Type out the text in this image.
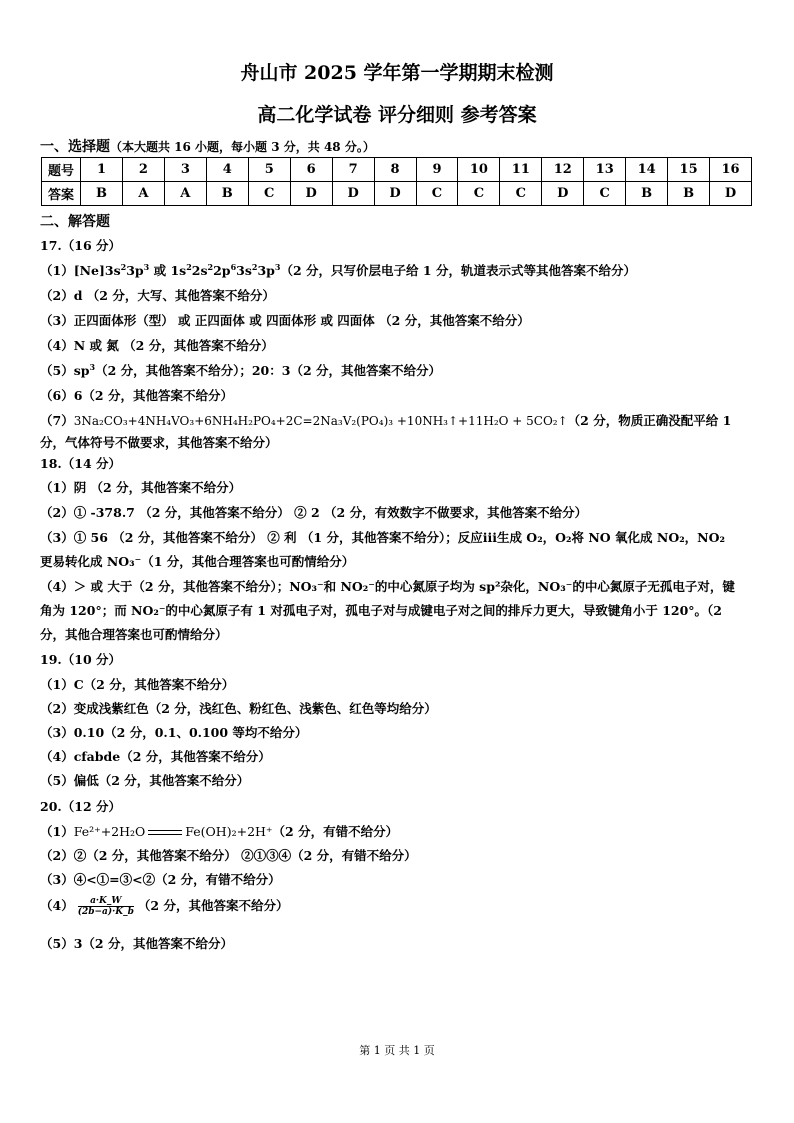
舟山市 2025 学年第一学期期末检测
高二化学试卷 评分细则 参考答案
一、选择题（本大题共 16 小题，每小题 3 分，共 48 分。）
题号	1	2	3	4	5	6	7	8	9	10	11	12	13	14	15	16
答案	B	A	A	B	C	D	D	D	C	C	C	D	C	B	B	D
二、解答题
17.（16 分）
$(1)[Ne]3s^23p^3$ 或 $1s^22s^22p^63s^23p^3(2$ 分，只写价层电子给 1 分，轨道表示式等其他答案不给分）
（2）d （2 分，大写、其他答案不给分）
（3）正四面体形（型） 或 正四面体 或 四面体形 或 四面体 （2 分，其他答案不给分）
（4）N 或 氮 （2 分，其他答案不给分）
$(5)sp^3(2$ 分，其他答案不给分）；20：3（2 分，其他答案不给分）
（6）6（2 分，其他答案不给分）
（7）3Na₂CO₃+4NH₄VO₃+6NH₄H₂PO₄+2C=2Na₃V₂(PO₄)₃ +10NH₃↑+11H₂O + 5CO₂↑（2 分，物质正确没配平给 1
分，气体符号不做要求，其他答案不给分）
18.（14 分）
（1）阴 （2 分，其他答案不给分）
（2）① -378.7 （2 分，其他答案不给分） ② 2 （2 分，有效数字不做要求，其他答案不给分）
（3）① 56 （2 分，其他答案不给分） ② 利 （1 分，其他答案不给分）；反应iii生成 O₂，O₂将 NO 氧化成 NO₂，NO₂
更易转化成 NO₃⁻（1 分，其他合理答案也可酌情给分）
（4）＞ 或 大于（2 分，其他答案不给分）；NO₃⁻和 NO₂⁻的中心氮原子均为 sp²杂化，NO₃⁻的中心氮原子无孤电子对，键
角为 120°；而 NO₂⁻的中心氮原子有 1 对孤电子对，孤电子对与成键电子对之间的排斥力更大，导致键角小于 120°。（2
分，其他合理答案也可酌情给分）
19.（10 分）
（1）C（2 分，其他答案不给分）
（2）变成浅紫红色（2 分，浅红色、粉红色、浅紫色、红色等均给分）
（3）0.10（2 分，0.1、0.100 等均不给分）
（4）cfabde（2 分，其他答案不给分）
（5）偏低（2 分，其他答案不给分）
20.（12 分）
（1）Fe²⁺+2H₂O	Fe(OH)₂+2H⁺（2 分，有错不给分）
（2）②（2 分，其他答案不给分） ②①③④（2 分，有错不给分）
（3）④<①=③<②（2 分，有错不给分）
$(4) \frac{a\cdot K\_W}{(2b-a)\cdot K\_b} (2$ 分，其他答案不给分）
（5）3（2 分，其他答案不给分）
第 1 页 共 1 页
